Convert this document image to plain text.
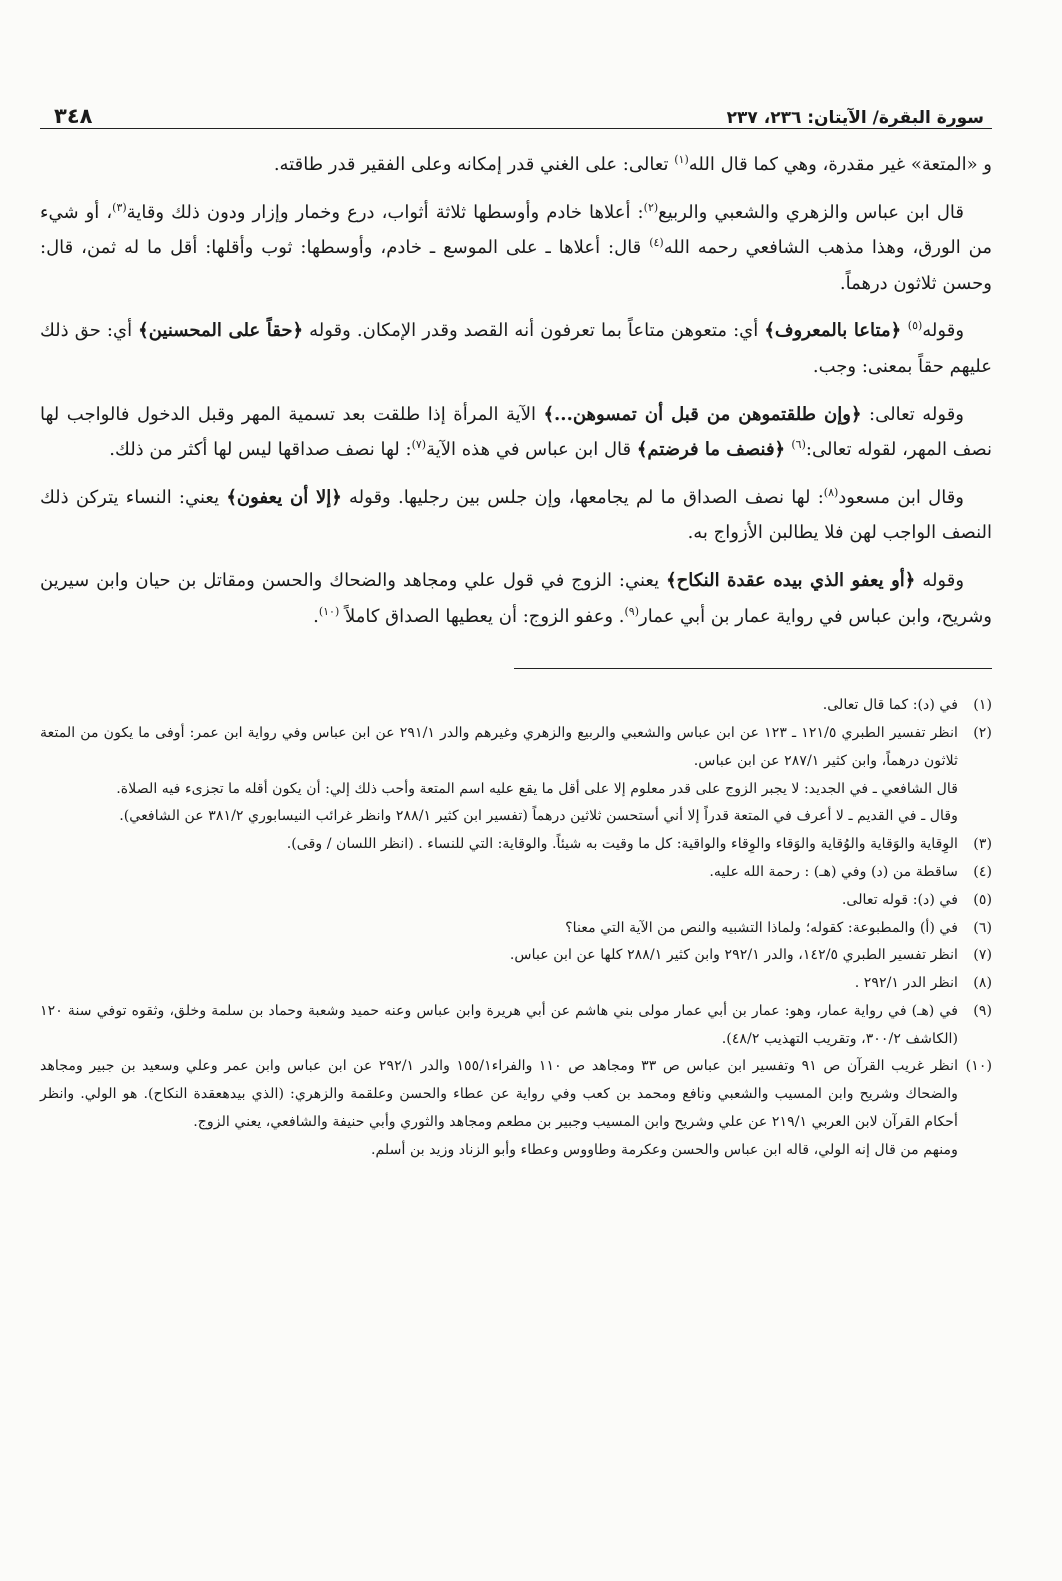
سورة البقرة/ الآيتان: ٢٣٦، ٢٣٧
٣٤٨

و «المتعة» غير مقدرة، وهي كما قال الله$^{(١)}$ تعالى: على الغني قدر إمكانه وعلى الفقير قدر طاقته.

قال ابن عباس والزهري والشعبي والربيع$^{(٢)}$: أعلاها خادم وأوسطها ثلاثة أثواب، درع وخمار وإزار ودون ذلك وقاية$^{(٣)}$، أو شيء من الورق، وهذا مذهب الشافعي رحمه الله$^{(٤)}$ قال: أعلاها ـ على الموسع ـ خادم، وأوسطها: ثوب وأقلها: أقل ما له ثمن، قال: وحسن ثلاثون درهماً.

وقوله$^{(٥)}$ ﴿متاعا بالمعروف﴾ أي: متعوهن متاعاً بما تعرفون أنه القصد وقدر الإمكان. وقوله ﴿حقاً على المحسنين﴾ أي: حق ذلك عليهم حقاً بمعنى: وجب.

وقوله تعالى: ﴿وإن طلقتموهن من قبل أن تمسوهن...﴾ الآية المرأة إذا طلقت بعد تسمية المهر وقبل الدخول فالواجب لها نصف المهر، لقوله تعالى:$^{(٦)}$ ﴿فنصف ما فرضتم﴾ قال ابن عباس في هذه الآية$^{(٧)}$: لها نصف صداقها ليس لها أكثر من ذلك.

وقال ابن مسعود$^{(٨)}$: لها نصف الصداق ما لم يجامعها، وإن جلس بين رجليها. وقوله ﴿إلا أن يعفون﴾ يعني: النساء يتركن ذلك النصف الواجب لهن فلا يطالبن الأزواج به.

وقوله ﴿أو يعفو الذي بيده عقدة النكاح﴾ يعني: الزوج في قول علي ومجاهد والضحاك والحسن ومقاتل بن حيان وابن سيرين وشريح، وابن عباس في رواية عمار بن أبي عمار$^{(٩)}$. وعفو الزوج: أن يعطيها الصداق كاملاً $^{(١٠)}$.

(١)في (د): كما قال تعالى.

(٢)انظر تفسير الطبري ١٢١/٥ ـ ١٢٣ عن ابن عباس والشعبي والربيع والزهري وغيرهم والدر ٢٩١/١ عن ابن عباس وفي رواية ابن عمر: أوفى ما يكون من المتعة ثلاثون درهماً، وابن كثير ٢٨٧/١ عن ابن عباس.

قال الشافعي ـ في الجديد: لا يجبر الزوج على قدر معلوم إلا على أقل ما يقع عليه اسم المتعة وأحب ذلك إلي: أن يكون أقله ما تجزىء فيه الصلاة.

وقال ـ في القديم ـ لا أعرف في المتعة قدراً إلا أني أستحسن ثلاثين درهماً (تفسير ابن كثير ٢٨٨/١ وانظر غرائب النيسابوري ٣٨١/٢ عن الشافعي).

(٣)الوِقاية والوَقاية والوُقاية والوَقاء والوِقاء والواقية: كل ما وقيت به شيئاً. والوقاية: التي للنساء . (انظر اللسان / وقى).

(٤)ساقطة من (د) وفي (هـ) : رحمة الله عليه.

(٥)في (د): قوله تعالى.

(٦)في (أ) والمطبوعة: كقوله؛ ولماذا التشبيه والنص من الآية التي معنا؟

(٧)انظر تفسير الطبري ١٤٢/٥، والدر ٢٩٢/١ وابن كثير ٢٨٨/١ كلها عن ابن عباس.

(٨)انظر الدر ٢٩٢/١ .

(٩)في (هـ) في رواية عمار، وهو: عمار بن أبي عمار مولى بني هاشم عن أبي هريرة وابن عباس وعنه حميد وشعبة وحماد بن سلمة وخلق، وثقوه توفي سنة ١٢٠ (الكاشف ٣٠٠/٢، وتقريب التهذيب ٤٨/٢).

(١٠)انظر غريب القرآن ص ٩١ وتفسير ابن عباس ص ٣٣ ومجاهد ص ١١٠ والفراء١٥٥/١ والدر ٢٩٢/١ عن ابن عباس وابن عمر وعلي وسعيد بن جبير ومجاهد والضحاك وشريح وابن المسيب والشعبي ونافع ومحمد بن كعب وفي رواية عن عطاء والحسن وعلقمة والزهري: (الذي بيدهعقدة النكاح). هو الولي. وانظر أحكام القرآن لابن العربي ٢١٩/١ عن علي وشريح وابن المسيب وجبير بن مطعم ومجاهد والثوري وأبي حنيفة والشافعي، يعني الزوج.

ومنهم من قال إنه الولي، قاله ابن عباس والحسن وعكرمة وطاووس وعطاء وأبو الزناد وزيد بن أسلم.
